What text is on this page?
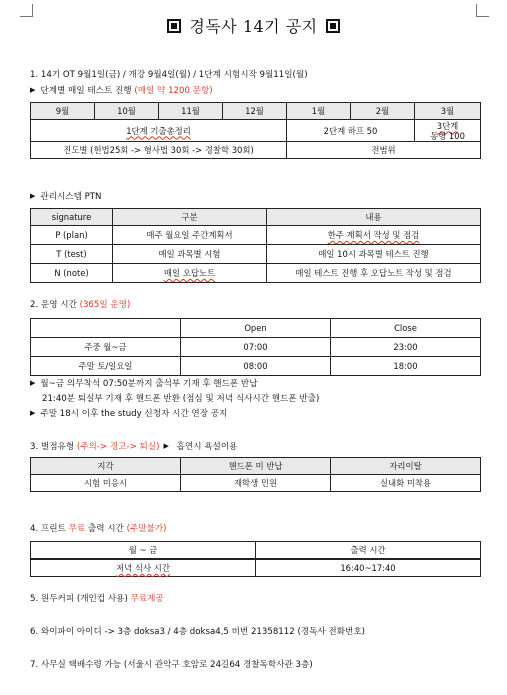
경독사 14기 공지
1. 14기 OT 9월1일(금) / 개강 9월4일(월) / 1단계 시험시작 9월11일(월)
▶ 단계별 매일 테스트 진행 (매일 약 1200 문항)
9월	10월	11월	12월	1월	2월	3월
1단계 기출총정리				2단계 하프 50		3단계
동형 100
진도별 (헌법25회 -> 형사법 30회 -> 경찰학 30회)				전범위		
▶ 관리시스템 PTN
signature	구분	내용
P (plan)	매주 월요일 주간계획서	한주 계획서 작성 및 점검
T (test)	매일 과목별 시험	매일 10시 과목별 테스트 진행
N (note)	매일 오답노트	매일 테스트 진행 후 오답노트 작성 및 점검
2. 운영 시간 (365일 운영)
	Open	Close
주중 월~금	07:00	23:00
주말 토/일요일	08:00	18:00
▶ 월~금 의무착석 07:50분까지 출석부 기재 후 핸드폰 반납
21:40분 퇴실부 기재 후 핸드폰 반환 (점심 및 저녁 식사시간 핸드폰 반출)
▶ 주말 18시 이후 the study 신청자 시간 연장 공지
3. 벌점유형 (주의-> 경고-> 퇴실)▶ 흡연시 욕설이용
지각	핸드폰 미 반납	자리이탈
시험 미응시	재학생 민원	실내화 미착용
4. 프린트 무료 출력 시간 (주말불가)
월 ~ 금	출력 시간
저녁 식사 시간	16:40~17:40
5. 원두커피 (개인컵 사용) 무료제공
6. 와이파이 아이디 -> 3층 doksa3 / 4층 doksa4,5 비번 21358112 (경독사 전화번호)
7. 사무실 택배수령 가능 (서울시 관악구 호암로 24길64 경찰독학사관 3층)
